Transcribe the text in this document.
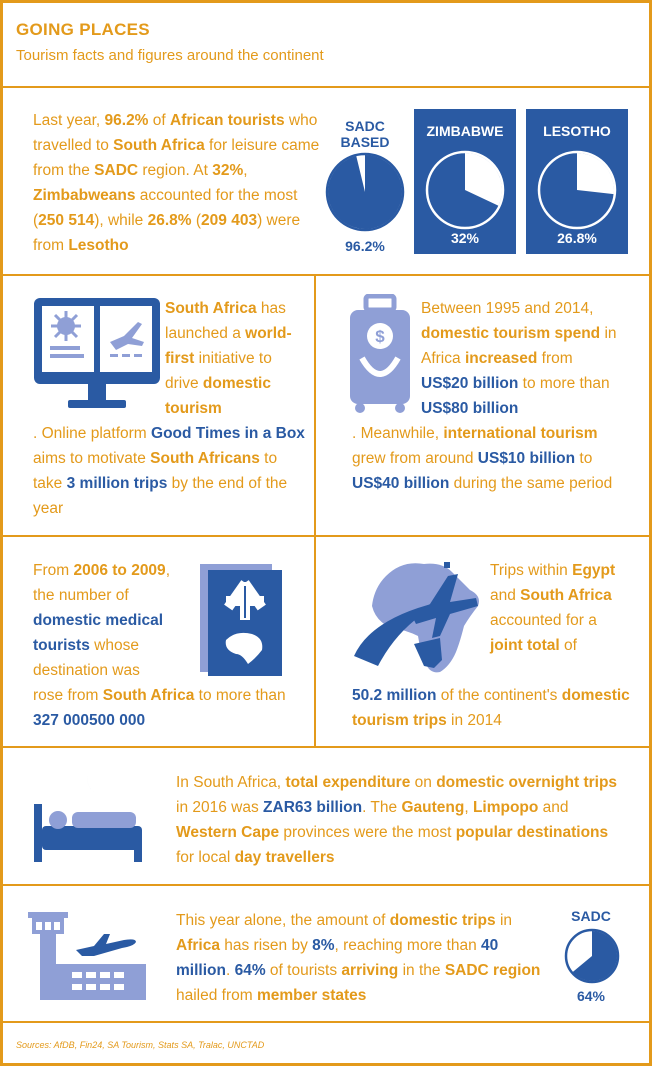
GOING PLACES
Tourism facts and figures around the continent
Last year, 96.2% of African tourists who travelled to South Africa for leisure came from the SADC region. At 32%, Zimbabweans accounted for the most (250 514), while 26.8% (209 403) were from Lesotho
SADC
BASED
96.2%
ZIMBABWE
32%
LESOTHO
26.8%
South Africa has launched a world-first initiative to drive domestic tourism
. Online platform Good Times in a Box aims to motivate South Africans to take 3 million trips by the end of the year
$
Between 1995 and 2014, domestic tourism spend in Africa increased from US$20 billion to more than US$80 billion
. Meanwhile, international tourism grew from around US$10 billion to US$40 billion during the same period
From 2006 to 2009, the number of domestic medical tourists whose destination was
rose from South Africa to more than 327 000500 000
Trips within Egypt and South Africa accounted for a joint total of
50.2 million of the continent's domestic tourism trips in 2014
In South Africa, total expenditure on domestic overnight trips in 2016 was ZAR63 billion. The Gauteng, Limpopo and Western Cape provinces were the most popular destinations for local day travellers
This year alone, the amount of domestic trips in Africa has risen by 8%, reaching more than 40 million. 64% of tourists arriving in the SADC region hailed from member states
SADC
64%
Sources: AfDB, Fin24, SA Tourism, Stats SA, Tralac, UNCTAD
